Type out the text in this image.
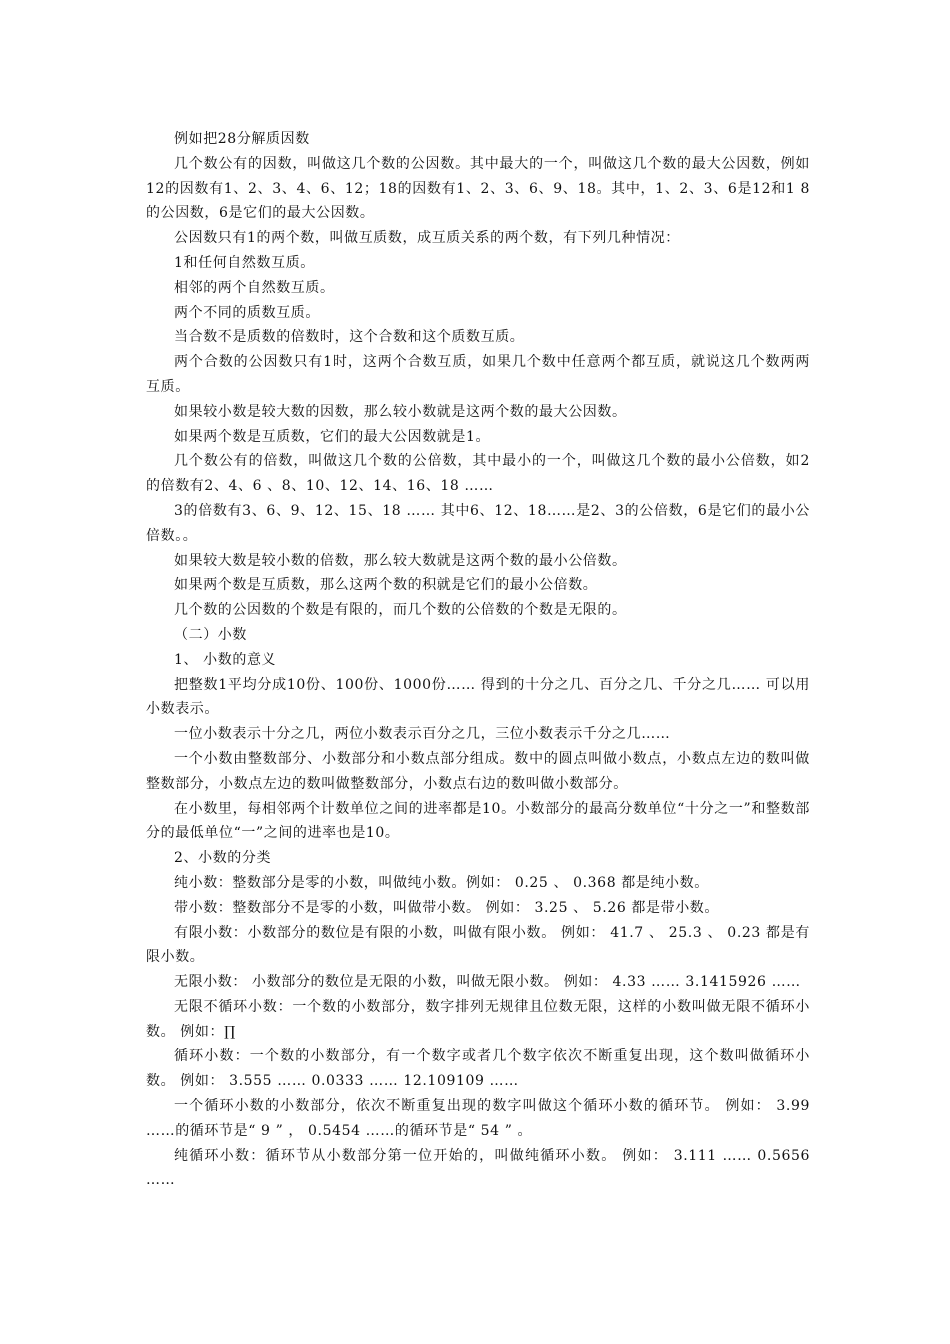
例如把28分解质因数

几个数公有的因数，叫做这几个数的公因数。其中最大的一个，叫做这几个数的最大公因数，例如12的因数有1、2、3、4、6、12；18的因数有1、2、3、6、9、18。其中，1、2、3、6是12和1 8的公因数，6是它们的最大公因数。

公因数只有1的两个数，叫做互质数，成互质关系的两个数，有下列几种情况：

1和任何自然数互质。

相邻的两个自然数互质。

两个不同的质数互质。

当合数不是质数的倍数时，这个合数和这个质数互质。

两个合数的公因数只有1时，这两个合数互质，如果几个数中任意两个都互质，就说这几个数两两互质。

如果较小数是较大数的因数，那么较小数就是这两个数的最大公因数。

如果两个数是互质数，它们的最大公因数就是1。

几个数公有的倍数，叫做这几个数的公倍数，其中最小的一个，叫做这几个数的最小公倍数，如2的倍数有2、4、6 、8、10、12、14、16、18 ……

3的倍数有3、6、9、12、15、18 …… 其中6、12、18……是2、3的公倍数，6是它们的最小公倍数。。

如果较大数是较小数的倍数，那么较大数就是这两个数的最小公倍数。

如果两个数是互质数，那么这两个数的积就是它们的最小公倍数。

几个数的公因数的个数是有限的，而几个数的公倍数的个数是无限的。

（二）小数

1、 小数的意义

把整数1平均分成10份、100份、1000份…… 得到的十分之几、百分之几、千分之几…… 可以用小数表示。

一位小数表示十分之几，两位小数表示百分之几，三位小数表示千分之几……

一个小数由整数部分、小数部分和小数点部分组成。数中的圆点叫做小数点，小数点左边的数叫做整数部分，小数点左边的数叫做整数部分，小数点右边的数叫做小数部分。

在小数里，每相邻两个计数单位之间的进率都是10。小数部分的最高分数单位“十分之一”和整数部分的最低单位“一”之间的进率也是10。

2、小数的分类

纯小数：整数部分是零的小数，叫做纯小数。例如： 0.25 、 0.368 都是纯小数。

带小数：整数部分不是零的小数，叫做带小数。 例如： 3.25 、 5.26 都是带小数。

有限小数：小数部分的数位是有限的小数，叫做有限小数。 例如： 41.7 、 25.3 、 0.23 都是有限小数。

无限小数： 小数部分的数位是无限的小数，叫做无限小数。 例如： 4.33 …… 3.1415926 ……

无限不循环小数：一个数的小数部分，数字排列无规律且位数无限，这样的小数叫做无限不循环小数。 例如：∏

循环小数：一个数的小数部分，有一个数字或者几个数字依次不断重复出现，这个数叫做循环小数。 例如： 3.555 …… 0.0333 …… 12.109109 ……

一个循环小数的小数部分，依次不断重复出现的数字叫做这个循环小数的循环节。 例如： 3.99 ……的循环节是“ 9 ” ， 0.5454 ……的循环节是“ 54 ” 。

纯循环小数：循环节从小数部分第一位开始的，叫做纯循环小数。 例如： 3.111 …… 0.5656 ……
